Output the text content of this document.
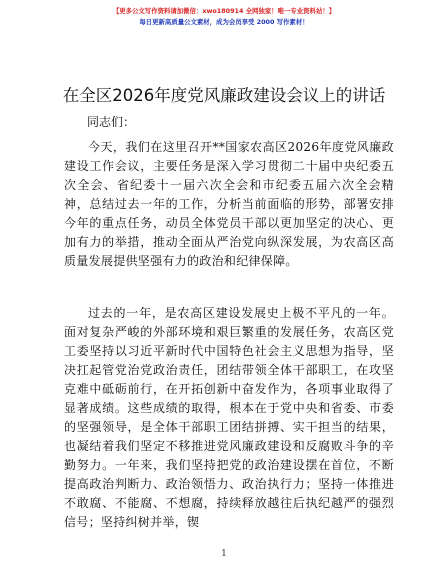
【更多公文写作资料请加微信：xwo180914 全网独家！唯一专业资料站！】
每日更新高质量公文素材，成为会员享受 2000 写作素材！
在全区2026年度党风廉政建设会议上的讲话
同志们：
今天，我们在这里召开**国家农高区2026年度党风廉政建设工作会议，主要任务是深入学习贯彻二十届中央纪委五次全会、省纪委十一届六次全会和市纪委五届六次全会精神，总结过去一年的工作，分析当前面临的形势，部署安排今年的重点任务，动员全体党员干部以更加坚定的决心、更加有力的举措，推动全面从严治党向纵深发展，为农高区高质量发展提供坚强有力的政治和纪律保障。
过去的一年，是农高区建设发展史上极不平凡的一年。面对复杂严峻的外部环境和艰巨繁重的发展任务，农高区党工委坚持以习近平新时代中国特色社会主义思想为指导，坚决扛起管党治党政治责任，团结带领全体干部职工，在攻坚克难中砥砺前行，在开拓创新中奋发作为，各项事业取得了显著成绩。这些成绩的取得，根本在于党中央和省委、市委的坚强领导，是全体干部职工团结拼搏、实干担当的结果，也凝结着我们坚定不移推进党风廉政建设和反腐败斗争的辛勤努力。一年来，我们坚持把党的政治建设摆在首位，不断提高政治判断力、政治领悟力、政治执行力；坚持一体推进不敢腐、不能腐、不想腐，持续释放越往后执纪越严的强烈信号；坚持纠树并举，锲
1
